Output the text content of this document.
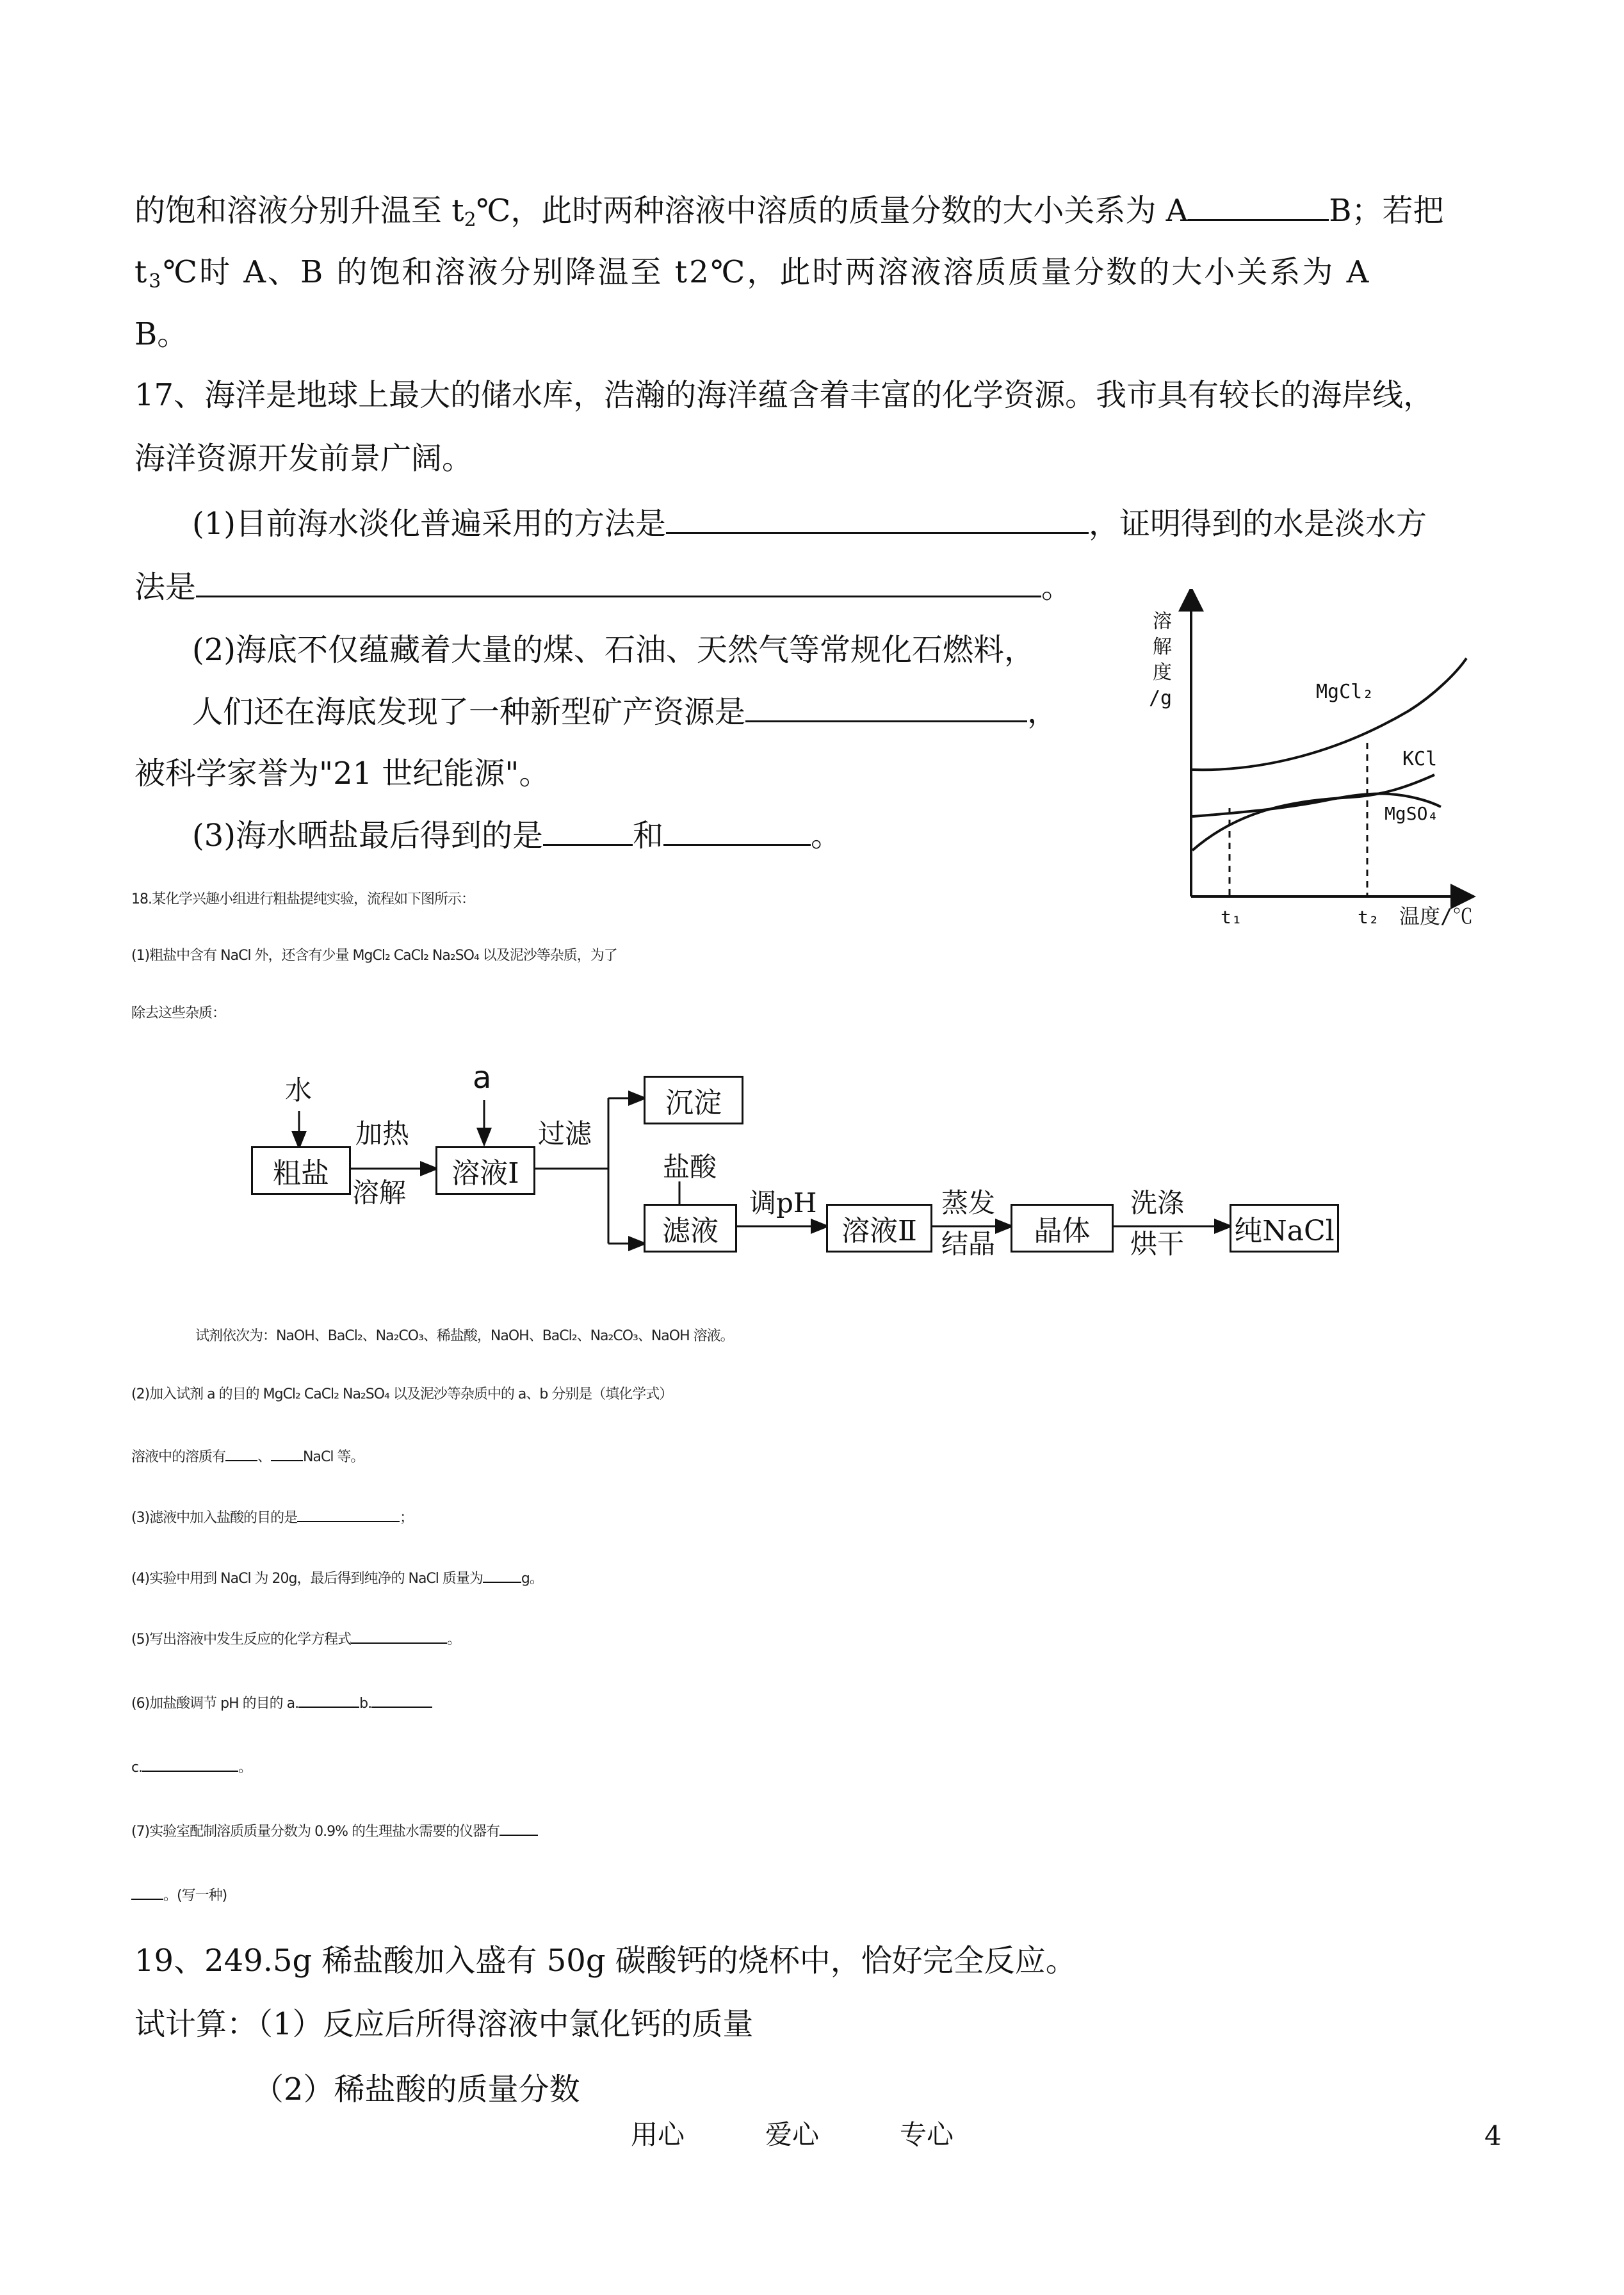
的饱和溶液分别升温至 $t_2℃$，此时两种溶液中溶质的质量分数的大小关系为 A	B；若把
$t_3℃$时 A、B 的饱和溶液分别降温至 t2℃，此时两溶液溶质质量分数的大小关系为 A
B。
17、海洋是地球上最大的储水库，浩瀚的海洋蕴含着丰富的化学资源。我市具有较长的海岸线，
海洋资源开发前景广阔。
(1)目前海水淡化普遍采用的方法是	，证明得到的水是淡水方
法是	。
(2)海底不仅蕴藏着大量的煤、石油、天然气等常规化石燃料，
人们还在海底发现了一种新型矿产资源是	，
被科学家誉为"21 世纪能源"。
(3)海水晒盐最后得到的是	和	。
溶 解 度 /g
t₁	t₂ 温度/℃
MgCl₂
KCl
MgSO₄
18.某化学兴趣小组进行粗盐提纯实验，流程如下图所示：
(1)粗盐中含有 NaCl 外，还含有少量 MgCl₂ CaCl₂ Na₂SO₄ 以及泥沙等杂质，为了
除去这些杂质：
水	a
粗盐
加热
溶解
溶液Ⅰ
过滤
沉淀
盐酸
滤液
调pH
溶液Ⅱ
蒸发
结晶	晶体
洗涤
烘干 纯NaCl
试剂依次为：NaOH、BaCl₂、Na₂CO₃、稀盐酸，NaOH、BaCl₂、Na₂CO₃、NaOH 溶液。
(2)加入试剂 a 的目的 MgCl₂ CaCl₂ Na₂SO₄ 以及泥沙等杂质中的 a、b 分别是（填化学式）
溶液中的溶质有 、 NaCl 等。
(3)滤液中加入盐酸的目的是	；
(4)实验中用到 NaCl 为 20g，最后得到纯净的 NaCl 质量为	g。
(5)写出溶液中发生反应的化学方程式	。
(6)加盐酸调节 pH 的目的 a.	b.
c.	。
(7)实验室配制溶质质量分数为 0.9% 的生理盐水需要的仪器有
。(写一种)
19、249.5g 稀盐酸加入盛有 50g 碳酸钙的烧杯中，恰好完全反应。
试计算：（1）反应后所得溶液中氯化钙的质量
（2）稀盐酸的质量分数
用心　　　爱心　　　专心	4
